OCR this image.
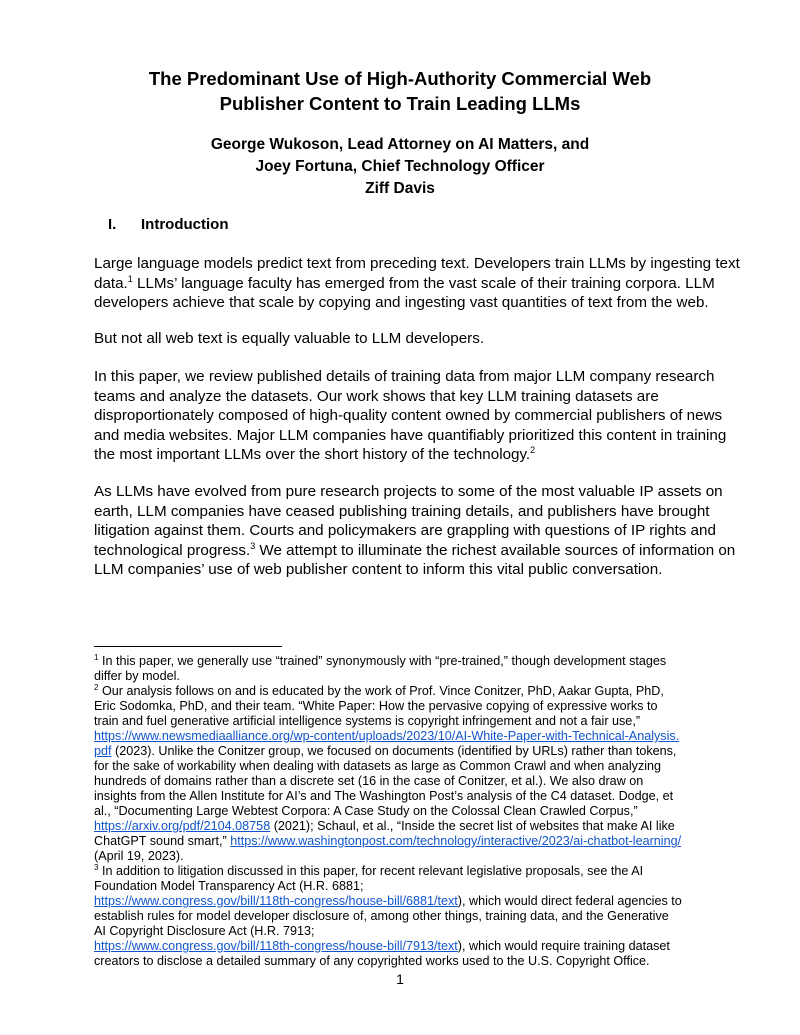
The Predominant Use of High-Authority Commercial Web
Publisher Content to Train Leading LLMs
George Wukoson, Lead Attorney on AI Matters, and
Joey Fortuna, Chief Technology Officer
Ziff Davis
I. Introduction
Large language models predict text from preceding text. Developers train LLMs by ingesting text
data.$^1$ LLMs’ language faculty has emerged from the vast scale of their training corpora. LLM
developers achieve that scale by copying and ingesting vast quantities of text from the web.
But not all web text is equally valuable to LLM developers.
In this paper, we review published details of training data from major LLM company research
teams and analyze the datasets. Our work shows that key LLM training datasets are
disproportionately composed of high-quality content owned by commercial publishers of news
and media websites. Major LLM companies have quantifiably prioritized this content in training
the most important LLMs over the short history of the technology.$^2$
As LLMs have evolved from pure research projects to some of the most valuable IP assets on
earth, LLM companies have ceased publishing training details, and publishers have brought
litigation against them. Courts and policymakers are grappling with questions of IP rights and
technological progress.$^3$ We attempt to illuminate the richest available sources of information on
LLM companies’ use of web publisher content to inform this vital public conversation.
$^1$ In this paper, we generally use “trained” synonymously with “pre-trained,” though development stages
differ by model.
$^2$ Our analysis follows on and is educated by the work of Prof. Vince Conitzer, PhD, Aakar Gupta, PhD,
Eric Sodomka, PhD, and their team. “White Paper: How the pervasive copying of expressive works to
train and fuel generative artificial intelligence systems is copyright infringement and not a fair use,”
https://www.newsmediaalliance.org/wp-content/uploads/2023/10/AI-White-Paper-with-Technical-Analysis.
pdf (2023). Unlike the Conitzer group, we focused on documents (identified by URLs) rather than tokens,
for the sake of workability when dealing with datasets as large as Common Crawl and when analyzing
hundreds of domains rather than a discrete set (16 in the case of Conitzer, et al.). We also draw on
insights from the Allen Institute for AI’s and The Washington Post’s analysis of the C4 dataset. Dodge, et
al., “Documenting Large Webtest Corpora: A Case Study on the Colossal Clean Crawled Corpus,”
https://arxiv.org/pdf/2104.08758 (2021); Schaul, et al., “Inside the secret list of websites that make AI like
ChatGPT sound smart,” https://www.washingtonpost.com/technology/interactive/2023/ai-chatbot-learning/
(April 19, 2023).
$^3$ In addition to litigation discussed in this paper, for recent relevant legislative proposals, see the AI
Foundation Model Transparency Act (H.R. 6881;
https://www.congress.gov/bill/118th-congress/house-bill/6881/text), which would direct federal agencies to
establish rules for model developer disclosure of, among other things, training data, and the Generative
AI Copyright Disclosure Act (H.R. 7913;
https://www.congress.gov/bill/118th-congress/house-bill/7913/text), which would require training dataset
creators to disclose a detailed summary of any copyrighted works used to the U.S. Copyright Office.
1
